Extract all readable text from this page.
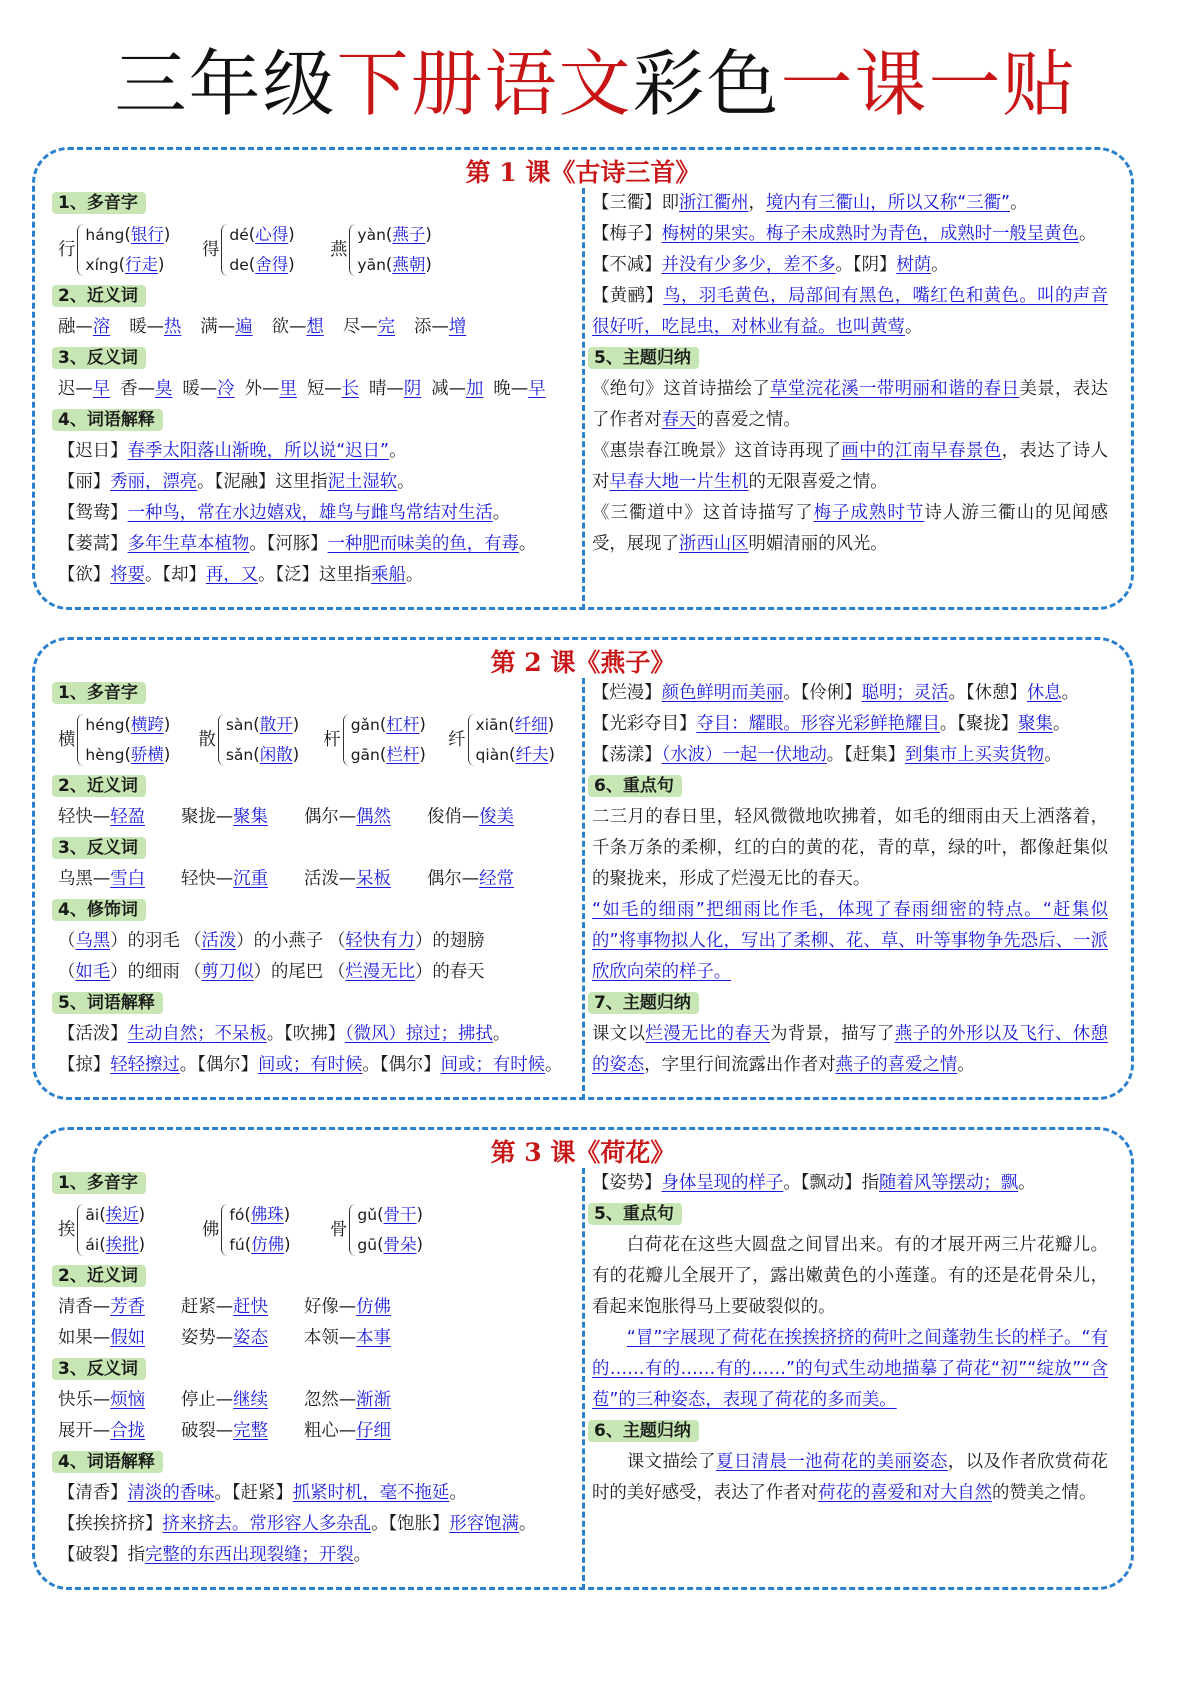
三年级下册语文彩色一课一贴
第 1 课《古诗三首》
1、多音字
行
háng(银行)
xíng(行走)
得
dé(心得)
de(舍得)
燕
yàn(燕子)
yān(燕朝)
2、近义词
融—溶 暖—热 满—遍 欲—想 尽—完 添—增
3、反义词
迟—早 香—臭 暖—冷 外—里 短—长 晴—阴 减—加 晚—早
4、词语解释
【迟日】春季太阳落山渐晚，所以说“迟日”。
【丽】秀丽，漂亮。【泥融】这里指泥土湿软。
【鸳鸯】一种鸟，常在水边嬉戏，雄鸟与雌鸟常结对生活。
【蒌蒿】多年生草本植物。【河豚】一种肥而味美的鱼，有毒。
【欲】将要。【却】再，又。【泛】这里指乘船。
【三衢】即浙江衢州，境内有三衢山，所以又称“三衢”。
【梅子】梅树的果实。梅子未成熟时为青色，成熟时一般呈黄色。
【不减】并没有少多少，差不多。【阴】树荫。
【黄鹂】鸟，羽毛黄色，局部间有黑色，嘴红色和黄色。叫的声音很好听，吃昆虫，对林业有益。也叫黄莺。
5、主题归纳
《绝句》这首诗描绘了草堂浣花溪一带明丽和谐的春日美景，表达了作者对春天的喜爱之情。
《惠崇春江晚景》这首诗再现了画中的江南早春景色，表达了诗人对早春大地一片生机的无限喜爱之情。
《三衢道中》这首诗描写了梅子成熟时节诗人游三衢山的见闻感受，展现了浙西山区明媚清丽的风光。
第 2 课《燕子》
1、多音字
横
héng(横跨)
hèng(骄横)
散
sàn(散开)
sǎn(闲散)
杆
gǎn(杠杆)
gān(栏杆)
纤
xiān(纤细)
qiàn(纤夫)
2、近义词
轻快—轻盈 聚拢—聚集 偶尔—偶然 俊俏—俊美
3、反义词
乌黑—雪白 轻快—沉重 活泼—呆板 偶尔—经常
4、修饰词
（乌黑）的羽毛 （活泼）的小燕子 （轻快有力）的翅膀
（如毛）的细雨 （剪刀似）的尾巴 （烂漫无比）的春天
5、词语解释
【活泼】生动自然；不呆板。【吹拂】（微风）掠过；拂拭。
【掠】轻轻擦过。【偶尔】间或；有时候。【偶尔】间或；有时候。
【烂漫】颜色鲜明而美丽。【伶俐】聪明；灵活。【休憩】休息。
【光彩夺目】夺目：耀眼。形容光彩鲜艳耀目。【聚拢】聚集。
【荡漾】（水波）一起一伏地动。【赶集】到集市上买卖货物。
6、重点句
二三月的春日里，轻风微微地吹拂着，如毛的细雨由天上洒落着，千条万条的柔柳，红的白的黄的花，青的草，绿的叶，都像赶集似的聚拢来，形成了烂漫无比的春天。
“如毛的细雨”把细雨比作毛，体现了春雨细密的特点。“赶集似的”将事物拟人化，写出了柔柳、花、草、叶等事物争先恐后、一派欣欣向荣的样子。
7、主题归纳
课文以烂漫无比的春天为背景，描写了燕子的外形以及飞行、休憩的姿态，字里行间流露出作者对燕子的喜爱之情。
第 3 课《荷花》
1、多音字
挨
āi(挨近)
ái(挨批)
佛
fó(佛珠)
fú(仿佛)
骨
gǔ(骨干)
gū(骨朵)
2、近义词
清香—芳香 赶紧—赶快 好像—仿佛
如果—假如 姿势—姿态 本领—本事
3、反义词
快乐—烦恼 停止—继续 忽然—渐渐
展开—合拢 破裂—完整 粗心—仔细
4、词语解释
【清香】清淡的香味。【赶紧】抓紧时机，毫不拖延。
【挨挨挤挤】挤来挤去。常形容人多杂乱。【饱胀】形容饱满。
【破裂】指完整的东西出现裂缝；开裂。
【姿势】身体呈现的样子。【飘动】指随着风等摆动；飘。
5、重点句
白荷花在这些大圆盘之间冒出来。有的才展开两三片花瓣儿。有的花瓣儿全展开了，露出嫩黄色的小莲蓬。有的还是花骨朵儿，看起来饱胀得马上要破裂似的。
“冒”字展现了荷花在挨挨挤挤的荷叶之间蓬勃生长的样子。“有的……有的……有的……”的句式生动地描摹了荷花“初”“绽放”“含苞”的三种姿态，表现了荷花的多而美。
6、主题归纳
课文描绘了夏日清晨一池荷花的美丽姿态，以及作者欣赏荷花时的美好感受，表达了作者对荷花的喜爱和对大自然的赞美之情。
